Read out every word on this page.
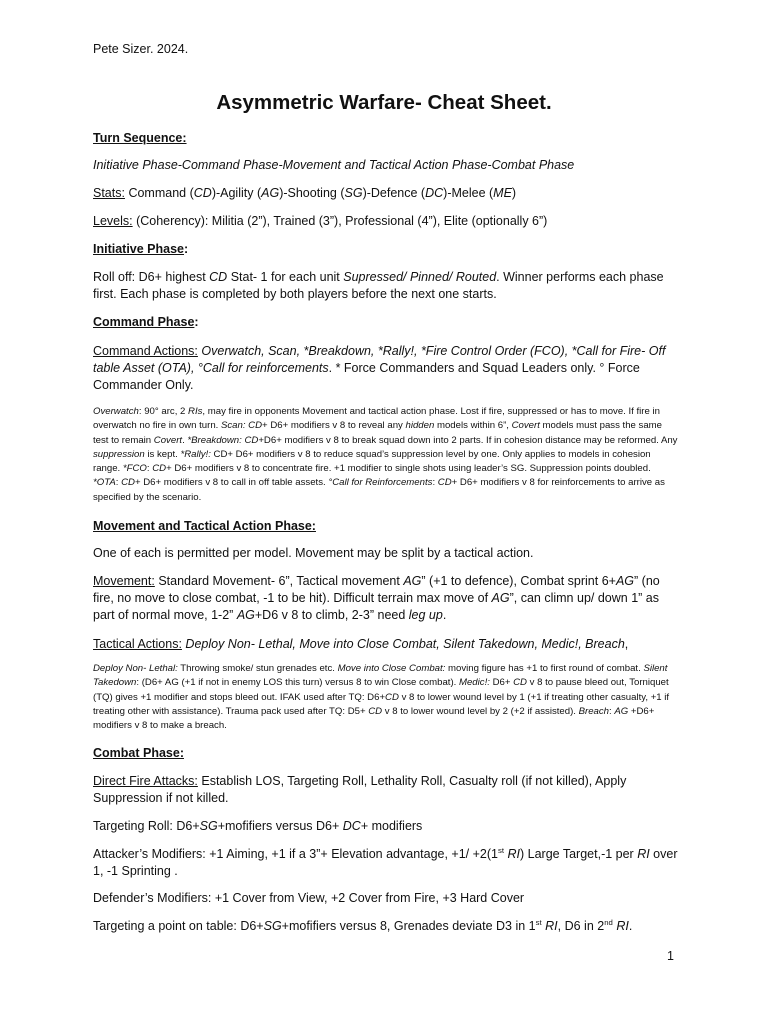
Pete Sizer. 2024.

Asymmetric Warfare- Cheat Sheet.

Turn Sequence:

Initiative Phase-Command Phase-Movement and Tactical Action Phase-Combat Phase

Stats: Command (CD)-Agility (AG)-Shooting (SG)-Defence (DC)-Melee (ME)

Levels: (Coherency): Militia (2”), Trained (3”), Professional (4”), Elite (optionally 6”)

Initiative Phase:

Roll off: D6+ highest CD Stat- 1 for each unit Supressed/ Pinned/ Routed. Winner performs each phase first. Each phase is completed by both players before the next one starts.

Command Phase:

Command Actions: Overwatch, Scan, *Breakdown, *Rally!, *Fire Control Order (FCO), *Call for Fire- Off table Asset (OTA), °Call for reinforcements. * Force Commanders and Squad Leaders only. ° Force Commander Only.

Overwatch: 90° arc, 2 RIs, may fire in opponents Movement and tactical action phase. Lost if fire, suppressed or has to move. If fire in overwatch no fire in own turn. Scan: CD+ D6+ modifiers v 8 to reveal any hidden models within 6”, Covert models must pass the same test to remain Covert. *Breakdown: CD+D6+ modifiers v 8 to break squad down into 2 parts. If in cohesion distance may be reformed. Any suppression is kept. *Rally!: CD+ D6+ modifiers v 8 to reduce squad’s suppression level by one. Only applies to models in cohesion range. *FCO: CD+ D6+ modifiers v 8 to concentrate fire. +1 modifier to single shots using leader’s SG. Suppression points doubled. *OTA: CD+ D6+ modifiers v 8 to call in off table assets. °Call for Reinforcements: CD+ D6+ modifiers v 8 for reinforcements to arrive as specified by the scenario.

Movement and Tactical Action Phase:

One of each is permitted per model. Movement may be split by a tactical action.

Movement: Standard Movement- 6”, Tactical movement AG” (+1 to defence), Combat sprint 6+AG” (no fire, no move to close combat, -1 to be hit). Difficult terrain max move of AG”, can climn up/ down 1” as part of normal move, 1-2” AG+D6 v 8 to climb, 2-3” need leg up.

Tactical Actions: Deploy Non- Lethal, Move into Close Combat, Silent Takedown, Medic!, Breach,

Deploy Non- Lethal: Throwing smoke/ stun grenades etc. Move into Close Combat: moving figure has +1 to first round of combat. Silent Takedown: (D6+ AG (+1 if not in enemy LOS this turn) versus 8 to win Close combat). Medic!: D6+ CD v 8 to pause bleed out, Torniquet (TQ) gives +1 modifier and stops bleed out. IFAK used after TQ: D6+CD v 8 to lower wound level by 1 (+1 if treating other casualty, +1 if treating other with assistance). Trauma pack used after TQ: D5+ CD v 8 to lower wound level by 2 (+2 if assisted). Breach: AG +D6+ modifiers v 8 to make a breach.

Combat Phase:

Direct Fire Attacks: Establish LOS, Targeting Roll, Lethality Roll, Casualty roll (if not killed), Apply Suppression if not killed.

Targeting Roll: D6+SG+mofifiers versus D6+ DC+ modifiers

Attacker’s Modifiers: +1 Aiming, +1 if a 3”+ Elevation advantage, +1/ +2(1st RI) Large Target,-1 per RI over 1, -1 Sprinting .

Defender’s Modifiers: +1 Cover from View, +2 Cover from Fire, +3 Hard Cover

Targeting a point on table: D6+SG+mofifiers versus 8, Grenades deviate D3 in 1st RI, D6 in 2nd RI.

1
